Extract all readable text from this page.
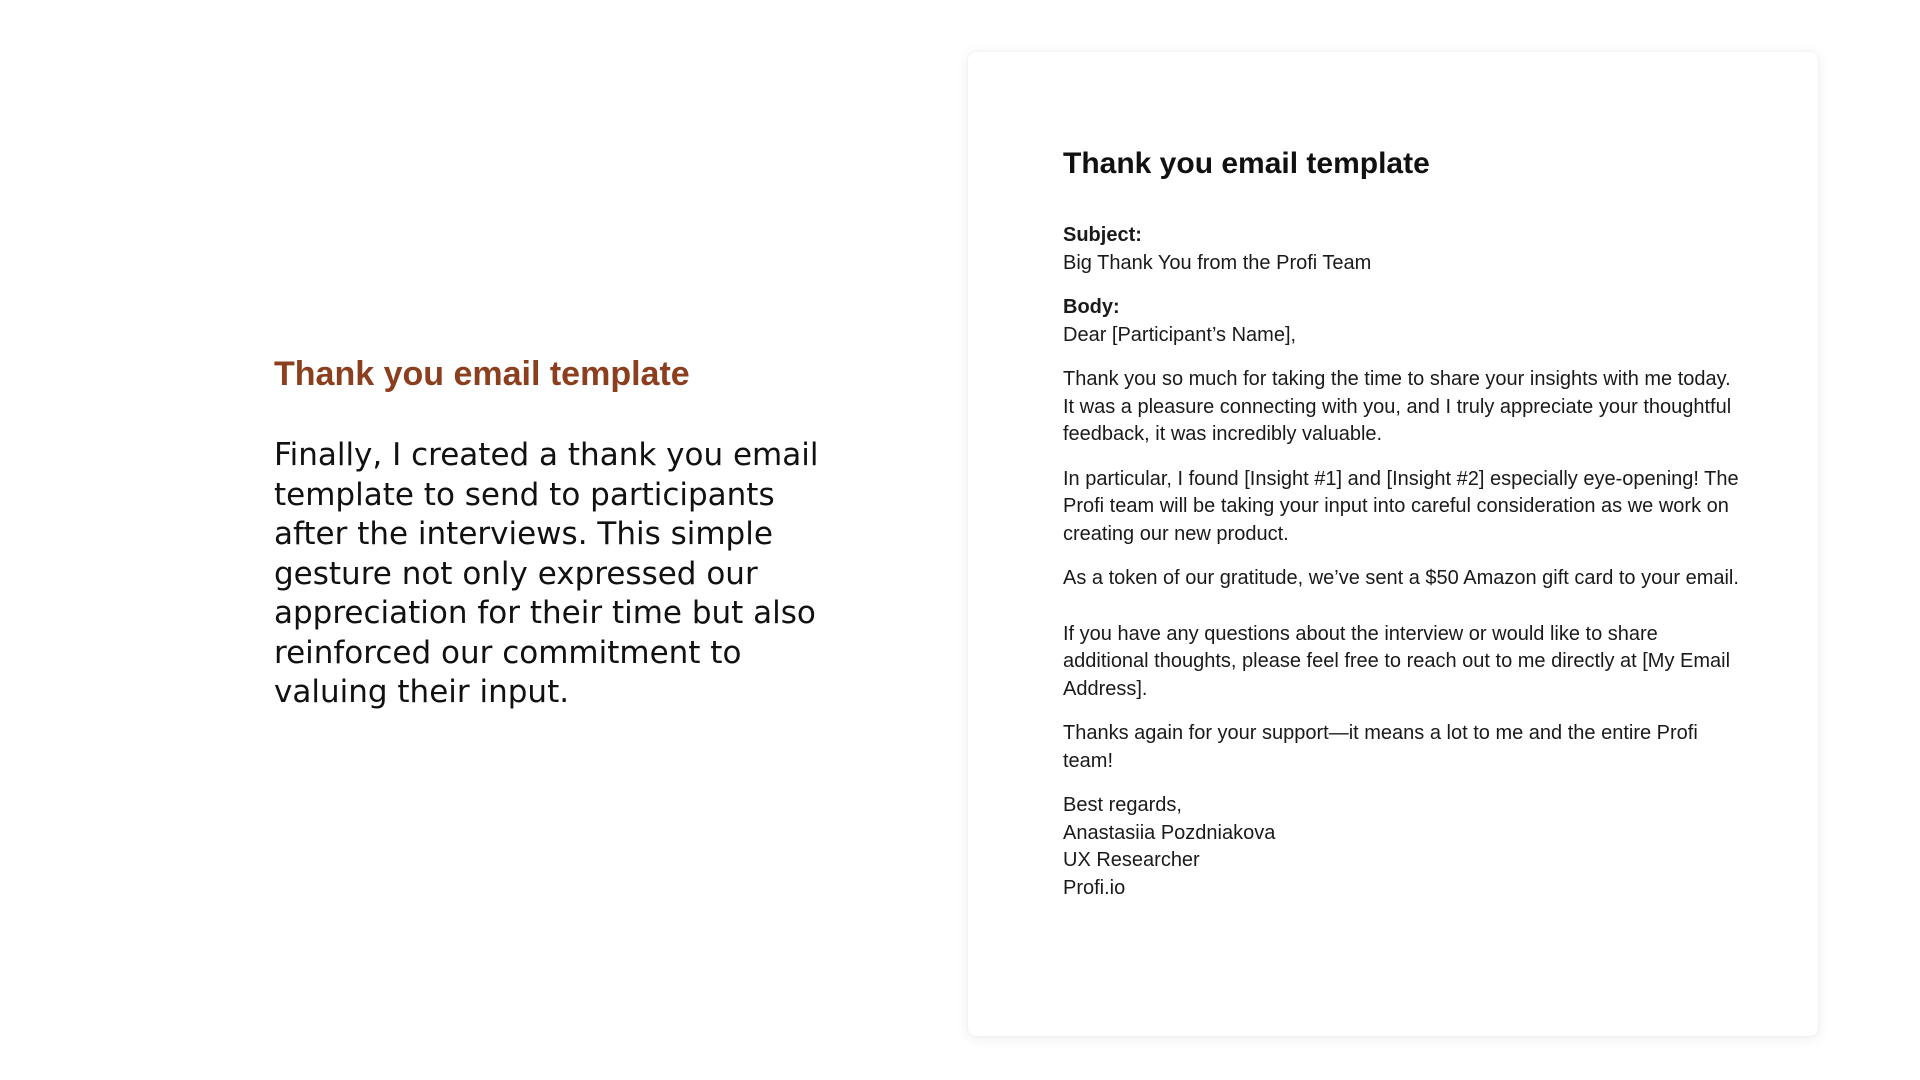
Thank you email template

Finally, I created a thank you email template to send to participants after the interviews. This simple gesture not only expressed our appreciation for their time but also reinforced our commitment to valuing their input.

Thank you email template
Subject:
Big Thank You from the Profi Team
Body:
Dear [Participant’s Name],
Thank you so much for taking the time to share your insights with me today. It was a pleasure connecting with you, and I truly appreciate your thoughtful feedback, it was incredibly valuable.
In particular, I found [Insight #1] and [Insight #2] especially eye-opening! The Profi team will be taking your input into careful consideration as we work on creating our new product.
As a token of our gratitude, we’ve sent a $50 Amazon gift card to your email.
If you have any questions about the interview or would like to share additional thoughts, please feel free to reach out to me directly at [My Email Address].
Thanks again for your support—it means a lot to me and the entire Profi team!
Best regards,
Anastasiia Pozdniakova
UX Researcher
Profi.io
